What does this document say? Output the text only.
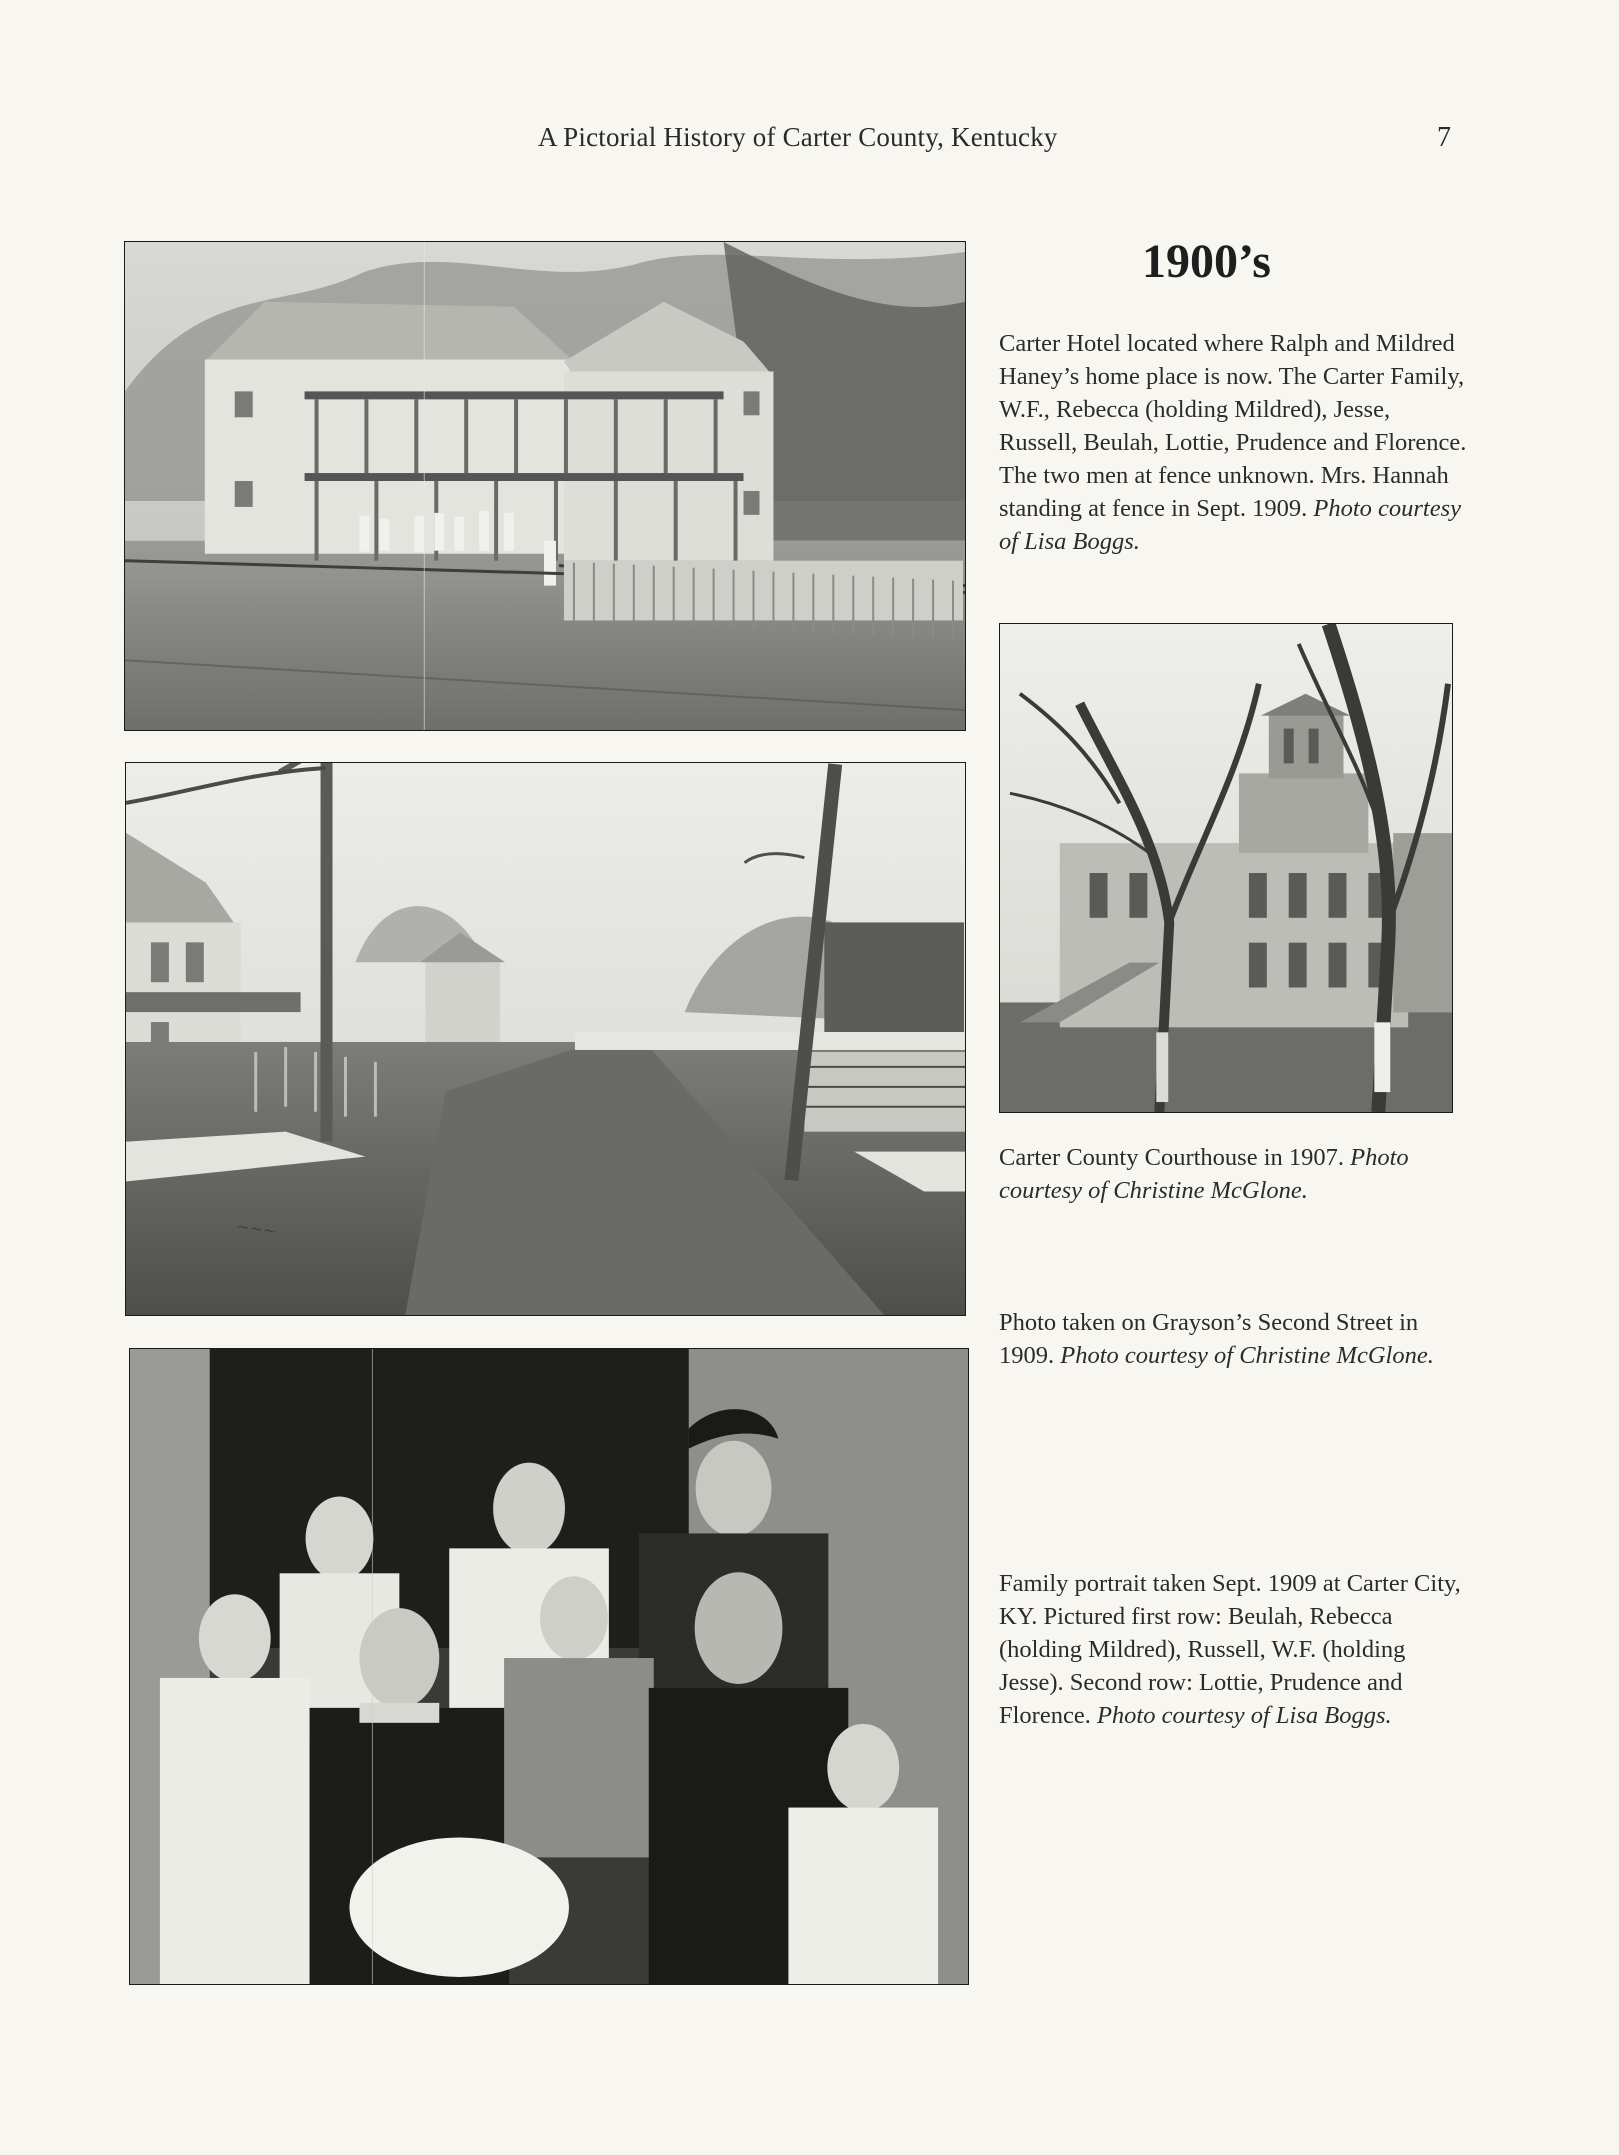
A Pictorial History of Carter County, Kentucky	7
~~~
1900’s

Carter Hotel located where Ralph and Mildred Haney’s home place is now. The Carter Family, W.F., Rebecca (holding Mildred), Jesse, Russell, Beulah, Lottie, Prudence and Florence. The two men at fence unknown. Mrs. Hannah standing at fence in Sept. 1909. Photo courtesy of Lisa Boggs.

Carter County Courthouse in 1907. Photo courtesy of Christine McGlone.

Photo taken on Grayson’s Second Street in 1909. Photo courtesy of Christine McGlone.

Family portrait taken Sept. 1909 at Carter City, KY. Pictured first row: Beulah, Rebecca (holding Mildred), Russell, W.F. (holding Jesse). Second row: Lottie, Prudence and Florence. Photo courtesy of Lisa Boggs.
